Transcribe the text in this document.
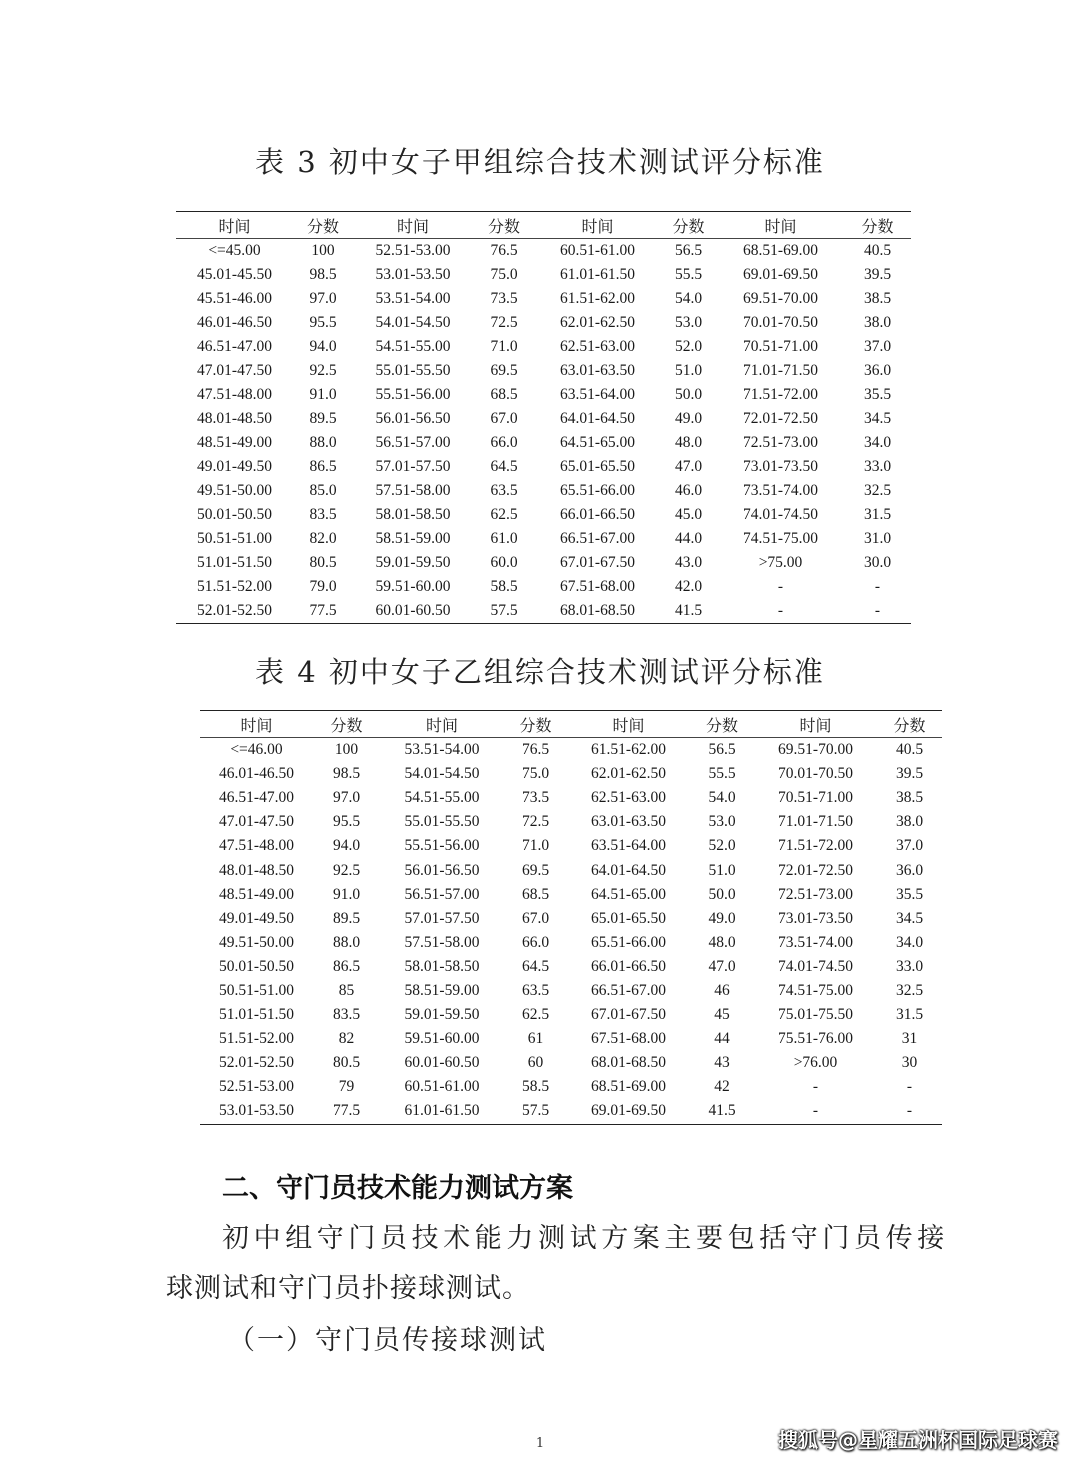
表 3 初中女子甲组综合技术测试评分标准
时间	分数	时间	分数	时间	分数	时间	分数
<=45.00	100	52.51-53.00	76.5	60.51-61.00	56.5	68.51-69.00	40.5
45.01-45.50	98.5	53.01-53.50	75.0	61.01-61.50	55.5	69.01-69.50	39.5
45.51-46.00	97.0	53.51-54.00	73.5	61.51-62.00	54.0	69.51-70.00	38.5
46.01-46.50	95.5	54.01-54.50	72.5	62.01-62.50	53.0	70.01-70.50	38.0
46.51-47.00	94.0	54.51-55.00	71.0	62.51-63.00	52.0	70.51-71.00	37.0
47.01-47.50	92.5	55.01-55.50	69.5	63.01-63.50	51.0	71.01-71.50	36.0
47.51-48.00	91.0	55.51-56.00	68.5	63.51-64.00	50.0	71.51-72.00	35.5
48.01-48.50	89.5	56.01-56.50	67.0	64.01-64.50	49.0	72.01-72.50	34.5
48.51-49.00	88.0	56.51-57.00	66.0	64.51-65.00	48.0	72.51-73.00	34.0
49.01-49.50	86.5	57.01-57.50	64.5	65.01-65.50	47.0	73.01-73.50	33.0
49.51-50.00	85.0	57.51-58.00	63.5	65.51-66.00	46.0	73.51-74.00	32.5
50.01-50.50	83.5	58.01-58.50	62.5	66.01-66.50	45.0	74.01-74.50	31.5
50.51-51.00	82.0	58.51-59.00	61.0	66.51-67.00	44.0	74.51-75.00	31.0
51.01-51.50	80.5	59.01-59.50	60.0	67.01-67.50	43.0	>75.00	30.0
51.51-52.00	79.0	59.51-60.00	58.5	67.51-68.00	42.0	-	-
52.01-52.50	77.5	60.01-60.50	57.5	68.01-68.50	41.5	-	-
表 4 初中女子乙组综合技术测试评分标准
时间	分数	时间	分数	时间	分数	时间	分数
<=46.00	100	53.51-54.00	76.5	61.51-62.00	56.5	69.51-70.00	40.5
46.01-46.50	98.5	54.01-54.50	75.0	62.01-62.50	55.5	70.01-70.50	39.5
46.51-47.00	97.0	54.51-55.00	73.5	62.51-63.00	54.0	70.51-71.00	38.5
47.01-47.50	95.5	55.01-55.50	72.5	63.01-63.50	53.0	71.01-71.50	38.0
47.51-48.00	94.0	55.51-56.00	71.0	63.51-64.00	52.0	71.51-72.00	37.0
48.01-48.50	92.5	56.01-56.50	69.5	64.01-64.50	51.0	72.01-72.50	36.0
48.51-49.00	91.0	56.51-57.00	68.5	64.51-65.00	50.0	72.51-73.00	35.5
49.01-49.50	89.5	57.01-57.50	67.0	65.01-65.50	49.0	73.01-73.50	34.5
49.51-50.00	88.0	57.51-58.00	66.0	65.51-66.00	48.0	73.51-74.00	34.0
50.01-50.50	86.5	58.01-58.50	64.5	66.01-66.50	47.0	74.01-74.50	33.0
50.51-51.00	85	58.51-59.00	63.5	66.51-67.00	46	74.51-75.00	32.5
51.01-51.50	83.5	59.01-59.50	62.5	67.01-67.50	45	75.01-75.50	31.5
51.51-52.00	82	59.51-60.00	61	67.51-68.00	44	75.51-76.00	31
52.01-52.50	80.5	60.01-60.50	60	68.01-68.50	43	>76.00	30
52.51-53.00	79	60.51-61.00	58.5	68.51-69.00	42	-	-
53.01-53.50	77.5	61.01-61.50	57.5	69.01-69.50	41.5	-	-
二、守门员技术能力测试方案
初中组守门员技术能力测试方案主要包括守门员传接
球测试和守门员扑接球测试。
（一）守门员传接球测试
1	搜狐号@星耀五洲杯国际足球赛
